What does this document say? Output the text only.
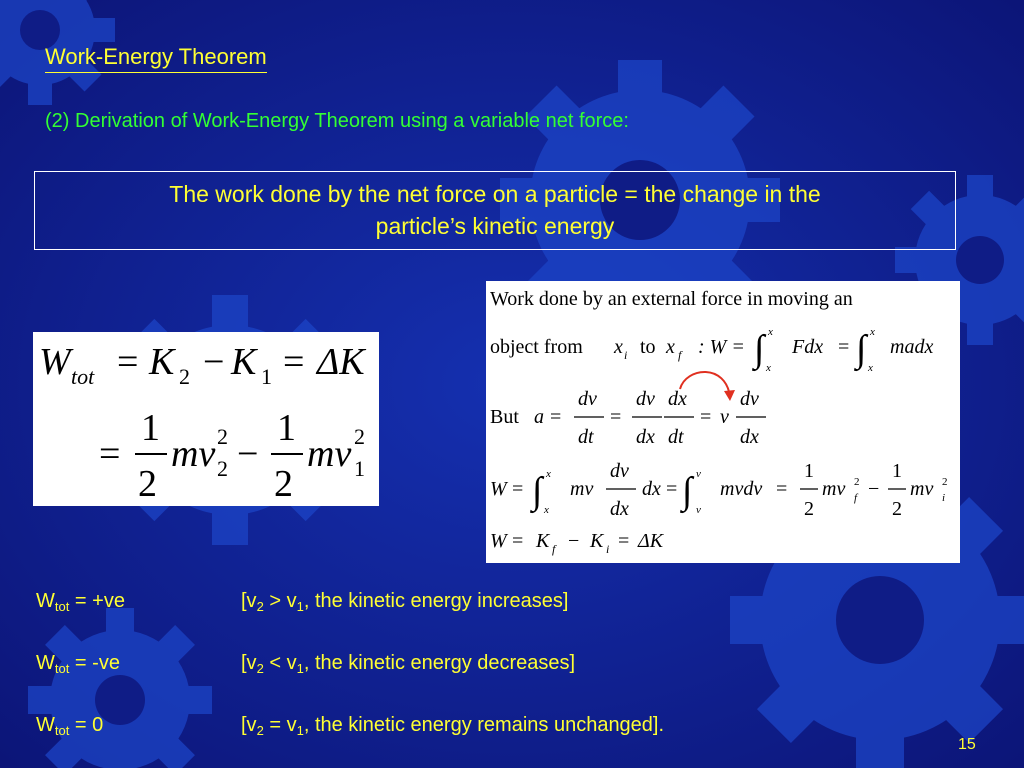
Work-Energy Theorem
(2) Derivation of Work-Energy Theorem using a variable net force:
The work done by the net force on a particle = the change in the
particle’s kinetic energy
W tot = K 2 − K 1 = ΔK
=
1
2
mv 2
2 −
1
2
mv 2
1
Work done by an external force in moving an
object from x i to x f : W = ∫ x
x
Fdx = ∫ x
x
madx
But a =
dv
dt
=
dv
dx
dx
dt
= v
dv
dx
W = ∫ x
x
mv
dv
dx
dx = ∫ v
v
mvdv =
1
2
mv 2
f −
1
2
mv 2
i
W = K f − K i = ΔK
$W_{tot} = +ve$	[$v_2 > v_1$, the kinetic energy increases]
$W_{tot} = -ve$	[$v_2 < v_1$, the kinetic energy decreases]
$W_{tot} = 0$	[$v_2 = v_1$, the kinetic energy remains unchanged].
15
